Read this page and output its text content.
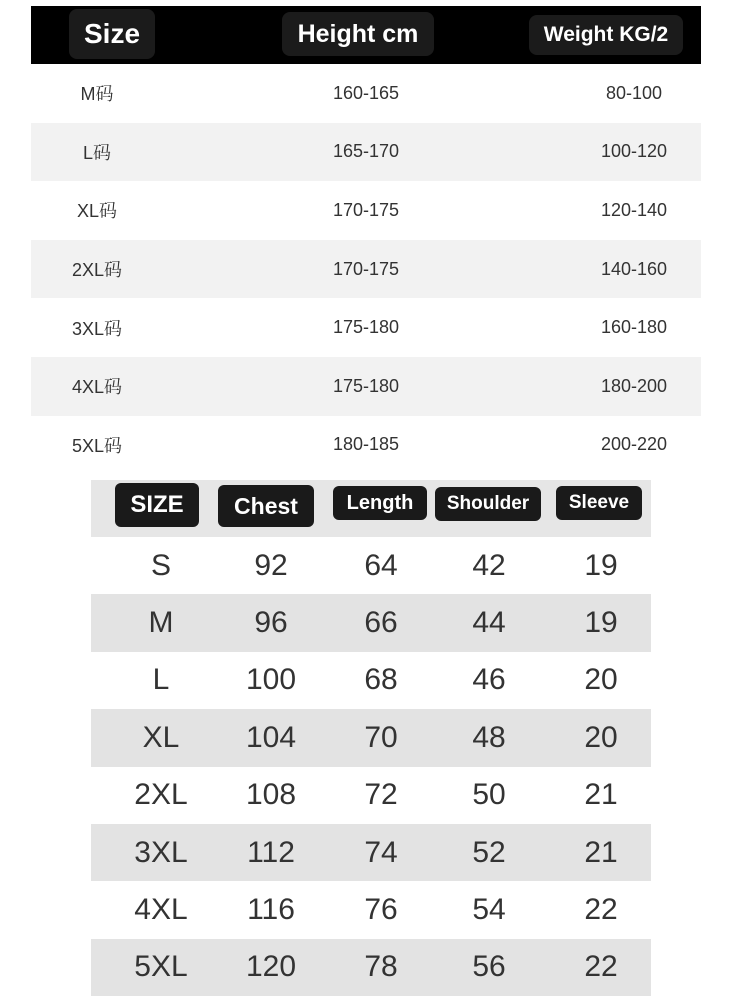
Size	Height cm	Weight KG/2
M码	160-165	80-100
L码	165-170	100-120
XL码	170-175	120-140
2XL码	170-175	140-160
3XL码	175-180	160-180
4XL码	175-180	180-200
5XL码	180-185	200-220
SIZE	Chest	Length	Shoulder	Sleeve
S	92	64	42	19
M	96	66	44	19
L	100	68	46	20
XL	104	70	48	20
2XL	108	72	50	21
3XL	112	74	52	21
4XL	116	76	54	22
5XL	120	78	56	22
